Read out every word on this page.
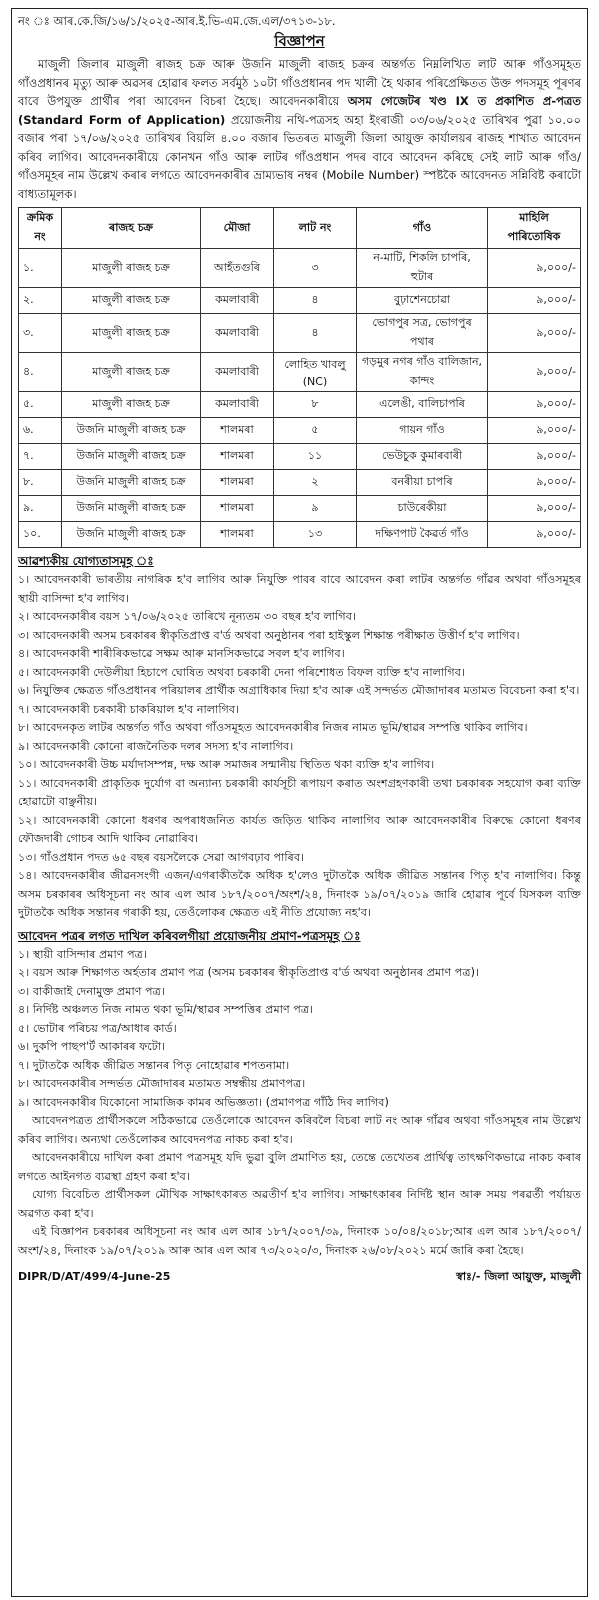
নং ঃ আৰ.কে.জি/১৬/১/২০২৫-আৰ.ই.ভি-এম.জে.এল/৩৭১৩-১৮.
বিজ্ঞাপন

মাজুলী জিলাৰ মাজুলী ৰাজহ চক্ৰ আৰু উজনি মাজুলী ৰাজহ চক্ৰৰ অন্তৰ্গত নিম্নলিখিত লাট আৰু গাঁওসমূহত গাঁওপ্ৰধানৰ মৃত্যু আৰু অৱসৰ হোৱাৰ ফলত সৰ্বমুঠ ১০টা গাঁওপ্ৰধানৰ পদ খালী হৈ থকাৰ পৰিপ্ৰেক্ষিতত উক্ত পদসমূহ পূৰণৰ বাবে উপযুক্ত প্ৰাৰ্থীৰ পৰা আবেদন বিচৰা হৈছে। আবেদনকাৰীয়ে অসম গেজেটৰ খণ্ড IX ত প্ৰকাশিত প্ৰ-পত্ৰত (Standard Form of Application) প্ৰয়োজনীয় নথি-পত্ৰসহ অহা ইংৰাজী ০৩/০৬/২০২৫ তাৰিখৰ পুৱা ১০.০০ বজাৰ পৰা ১৭/০৬/২০২৫ তাৰিখৰ বিয়লি ৪.০০ বজাৰ ভিতৰত মাজুলী জিলা আয়ুক্ত কাৰ্যালয়ৰ ৰাজহ শাখাত আবেদন কৰিব লাগিব। আবেদনকাৰীয়ে কোনখন গাঁও আৰু লাটৰ গাঁওপ্ৰধান পদৰ বাবে আবেদন কৰিছে সেই লাট আৰু গাঁও/গাঁওসমূহৰ নাম উল্লেখ কৰাৰ লগতে আবেদনকাৰীৰ ভ্ৰাম্যভাষ নম্বৰ (Mobile Number) স্পষ্টকৈ আবেদনত সন্নিবিষ্ট কৰাটো বাধ্যতামূলক।

ক্ৰমিক নং	ৰাজহ চক্ৰ	মৌজা	লাট নং	গাঁও	মাহিলি পাৰিতোষিক
১.	মাজুলী ৰাজহ চক্ৰ	আহঁতগুৰি	৩	ন-মাটি, শিকলি চাপৰি, হুটাৰ	৯,০০০/-
২.	মাজুলী ৰাজহ চক্ৰ	কমলাবাৰী	৪	বুঢ়াশেনচোৱা	৯,০০০/-
৩.	মাজুলী ৰাজহ চক্ৰ	কমলাবাৰী	৪	ভোগপুৰ সত্ৰ, ভোগপুৰ পথাৰ	৯,০০০/-
৪.	মাজুলী ৰাজহ চক্ৰ	কমলাবাৰী	লোহিত খাবলু (NC)	গড়মুৰ নগৰ গাঁও বালিজান, কান্দং	৯,০০০/-
৫.	মাজুলী ৰাজহ চক্ৰ	কমলাবাৰী	৮	এলেঙী, বালিচাপৰি	৯,০০০/-
৬.	উজনি মাজুলী ৰাজহ চক্ৰ	শালমৰা	৫	গায়ন গাঁও	৯,০০০/-
৭.	উজনি মাজুলী ৰাজহ চক্ৰ	শালমৰা	১১	ভেউচুক কুমাৰবাৰী	৯,০০০/-
৮.	উজনি মাজুলী ৰাজহ চক্ৰ	শালমৰা	২	বনৰীয়া চাপৰি	৯,০০০/-
৯.	উজনি মাজুলী ৰাজহ চক্ৰ	শালমৰা	৯	চাউৰেকীয়া	৯,০০০/-
১০.	উজনি মাজুলী ৰাজহ চক্ৰ	শালমৰা	১৩	দক্ষিণপাট কৈৱৰ্ত গাঁও	৯,০০০/-
আৱশ্যকীয় যোগ্যতাসমূহ ঃ
১। আবেদনকাৰী ভাৰতীয় নাগৰিক হ'ব লাগিব আৰু নিযুক্তি পাবৰ বাবে আবেদন কৰা লাটৰ অন্তৰ্গত গাঁৱৰ অথবা গাঁওসমূহৰ স্থায়ী বাসিন্দা হ'ব লাগিব।
২। আবেদনকাৰীৰ বয়স ১৭/০৬/২০২৫ তাৰিখে নূন্যতম ৩০ বছৰ হ'ব লাগিব।
৩। আবেদনকাৰী অসম চৰকাৰৰ স্বীকৃতিপ্ৰাপ্ত ব'ৰ্ড অথবা অনুষ্ঠানৰ পৰা হাইস্কুল শিক্ষান্ত পৰীক্ষাত উত্তীৰ্ণ হ'ব লাগিব।
৪। আবেদনকাৰী শাৰীৰিকভাৱে সক্ষম আৰু মানসিকভাৱে সবল হ'ব লাগিব।
৫। আবেদনকাৰী দেউলীয়া হিচাপে ঘোষিত অথবা চৰকাৰী দেনা পৰিশোধত বিফল ব্যক্তি হ'ব নালাগিব।
৬। নিযুক্তিৰ ক্ষেত্ৰত গাঁওপ্ৰধানৰ পৰিয়ালৰ প্ৰাৰ্থীক অগ্ৰাধিকাৰ দিয়া হ'ব আৰু এই সন্দৰ্ভত মৌজাদাৰৰ মতামত বিবেচনা কৰা হ'ব।
৭। আবেদনকাৰী চৰকাৰী চাকৰিয়াল হ'ব নালাগিব।
৮। আবেদনকৃত লাটৰ অন্তৰ্গত গাঁও অথবা গাঁওসমূহত আবেদনকাৰীৰ নিজৰ নামত ভূমি/স্থাৱৰ সম্পত্তি থাকিব লাগিব।
৯। আবেদনকাৰী কোনো ৰাজনৈতিক দলৰ সদস্য হ'ব নালাগিব।
১০। আবেদনকাৰী উচ্চ মৰ্যাদাসম্পন্ন, দক্ষ আৰু সমাজৰ সন্মানীয় স্থিতিত থকা ব্যক্তি হ'ব লাগিব।
১১। আবেদনকাৰী প্ৰাকৃতিক দুৰ্যোগ বা অন্যান্য চৰকাৰী কাৰ্যসূচী ৰূপায়ণ কৰাত অংশগ্ৰহণকাৰী তথা চৰকাৰক সহযোগ কৰা ব্যক্তি হোৱাটো বাঞ্ছনীয়।
১২। আবেদনকাৰী কোনো ধৰণৰ অপৰাধজনিত কাৰ্যত জড়িত থাকিব নালাগিব আৰু আবেদনকাৰীৰ বিৰুদ্ধে কোনো ধৰণৰ ফৌজদাৰী গোচৰ আদি থাকিব নোৱাৰিব।
১৩। গাঁওপ্ৰধান পদত ৬৫ বছৰ বয়সলৈকে সেৱা আগবঢ়াব পাৰিব।
১৪। আবেদনকাৰীৰ জীৱনসংগী এজন/এগৰাকীতকৈ অধিক হ'লেও দুটাতকৈ অধিক জীৱিত সন্তানৰ পিতৃ হ'ব নালাগিব। কিন্তু অসম চৰকাৰৰ অধিসূচনা নং আৰ এল আৰ ১৮৭/২০০৭/অংশ/২৪, দিনাংক ১৯/০৭/২০১৯ জাৰি হোৱাৰ পূৰ্বে যিসকল ব্যক্তি দুটাতকৈ অধিক সন্তানৰ গৰাকী হয়, তেওঁলোকৰ ক্ষেত্ৰত এই নীতি প্ৰযোজ্য নহ'ব।
আবেদন পত্ৰৰ লগত দাখিল কৰিবলগীয়া প্ৰয়োজনীয় প্ৰমাণ-পত্ৰসমূহ ঃ
১। স্থায়ী বাসিন্দাৰ প্ৰমাণ পত্ৰ।
২। বয়স আৰু শিক্ষাগত অৰ্হতাৰ প্ৰমাণ পত্ৰ (অসম চৰকাৰৰ স্বীকৃতিপ্ৰাপ্ত ব'ৰ্ড অথবা অনুষ্ঠানৰ প্ৰমাণ পত্ৰ)।
৩। বাকীজাই দেনামুক্ত প্ৰমাণ পত্ৰ।
৪। নিৰ্দিষ্ট অঞ্চলত নিজ নামত থকা ভূমি/স্থাৱৰ সম্পত্তিৰ প্ৰমাণ পত্ৰ।
৫। ভোটাৰ পৰিচয় পত্ৰ/আধাৰ কাৰ্ড।
৬। দুকপি পাছপ'ৰ্ট আকাৰৰ ফটো।
৭। দুটাতকৈ অধিক জীৱিত সন্তানৰ পিতৃ নোহোৱাৰ শপতনামা।
৮। আবেদনকাৰীৰ সন্দৰ্ভত মৌজাদাৰৰ মতামত সম্বন্ধীয় প্ৰমাণপত্ৰ।
৯। আবেদনকাৰীৰ যিকোনো সামাজিক কামৰ অভিজ্ঞতা। (প্ৰমাণপত্ৰ গাঁঠি দিব লাগিব)

আবেদনপত্ৰত প্ৰাৰ্থীসকলে সঠিকভাৱে তেওঁলোকে আবেদন কৰিবলৈ বিচৰা লাট নং আৰু গাঁৱৰ অথবা গাঁওসমূহৰ নাম উল্লেখ কৰিব লাগিব। অন্যথা তেওঁলোকৰ আবেদনপত্ৰ নাকচ কৰা হ'ব।

আবেদনকাৰীয়ে দাখিল কৰা প্ৰমাণ পত্ৰসমূহ যদি ভুৱা বুলি প্ৰমাণিত হয়, তেন্তে তেখেতৰ প্ৰাৰ্থিত্ব তাৎক্ষণিকভাৱে নাকচ কৰাৰ লগতে আইনগত ব্যৱস্থা গ্ৰহণ কৰা হ'ব।

যোগ্য বিবেচিত প্ৰাৰ্থীসকল মৌখিক সাক্ষাৎকাৰত অৱতীৰ্ণ হ'ব লাগিব। সাক্ষাৎকাৰৰ নিৰ্দিষ্ট স্থান আৰু সময় পৰৱৰ্তী পৰ্যায়ত অৱগত কৰা হ'ব।

এই বিজ্ঞাপন চৰকাৰৰ অধিসূচনা নং আৰ এল আৰ ১৮৭/২০০৭/৩৯, দিনাংক ১০/০৪/২০১৮;আৰ এল আৰ ১৮৭/২০০৭/অংশ/২৪, দিনাংক ১৯/০৭/২০১৯ আৰু আৰ এল আৰ ৭৩/২০২০/৩, দিনাংক ২৬/০৮/২০২১ মৰ্মে জাৰি কৰা হৈছে।

DIPR/D/AT/499/4-June-25	স্বাঃ/- জিলা আয়ুক্ত, মাজুলী
